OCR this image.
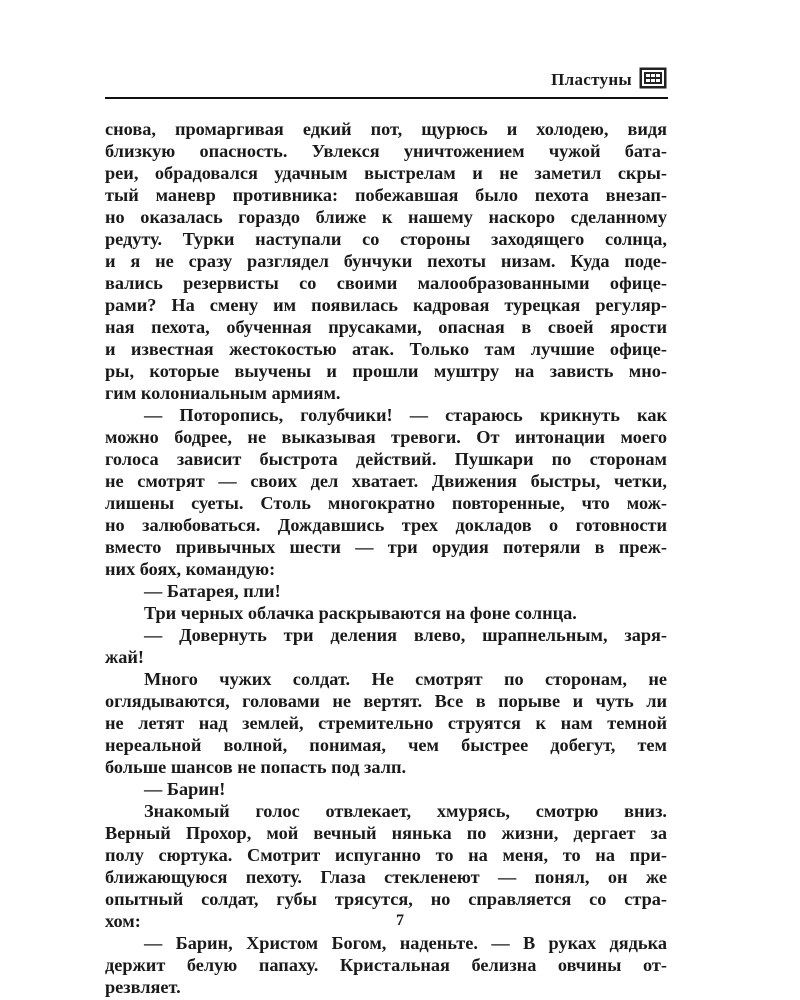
Пластуны
снова, промаргивая едкий пот, щурюсь и холодею, видя
близкую опасность. Увлекся уничтожением чужой бата-
реи, обрадовался удачным выстрелам и не заметил скры-
тый маневр противника: побежавшая было пехота внезап-
но оказалась гораздо ближе к нашему наскоро сделанному
редуту. Турки наступали со стороны заходящего солнца,
и я не сразу разглядел бунчуки пехоты низам. Куда поде-
вались резервисты со своими малообразованными офице-
рами? На смену им появилась кадровая турецкая регуляр-
ная пехота, обученная прусаками, опасная в своей ярости
и известная жестокостью атак. Только там лучшие офице-
ры, которые выучены и прошли муштру на зависть мно-
гим колониальным армиям.
— Поторопись, голубчики! — стараюсь крикнуть как
можно бодрее, не выказывая тревоги. От интонации моего
голоса зависит быстрота действий. Пушкари по сторонам
не смотрят — своих дел хватает. Движения быстры, четки,
лишены суеты. Столь многократно повторенные, что мож-
но залюбоваться. Дождавшись трех докладов о готовности
вместо привычных шести — три орудия потеряли в преж-
них боях, командую:
— Батарея, пли!
Три черных облачка раскрываются на фоне солнца.
— Довернуть три деления влево, шрапнельным, заря-
жай!
Много чужих солдат. Не смотрят по сторонам, не
оглядываются, головами не вертят. Все в порыве и чуть ли
не летят над землей, стремительно струятся к нам темной
нереальной волной, понимая, чем быстрее добегут, тем
больше шансов не попасть под залп.
— Барин!
Знакомый голос отвлекает, хмурясь, смотрю вниз.
Верный Прохор, мой вечный нянька по жизни, дергает за
полу сюртука. Смотрит испуганно то на меня, то на при-
ближающуюся пехоту. Глаза стекленеют — понял, он же
опытный солдат, губы трясутся, но справляется со стра-
хом:
— Барин, Христом Богом, наденьте. — В руках дядька
держит белую папаху. Кристальная белизна овчины от-
резвляет.
7
